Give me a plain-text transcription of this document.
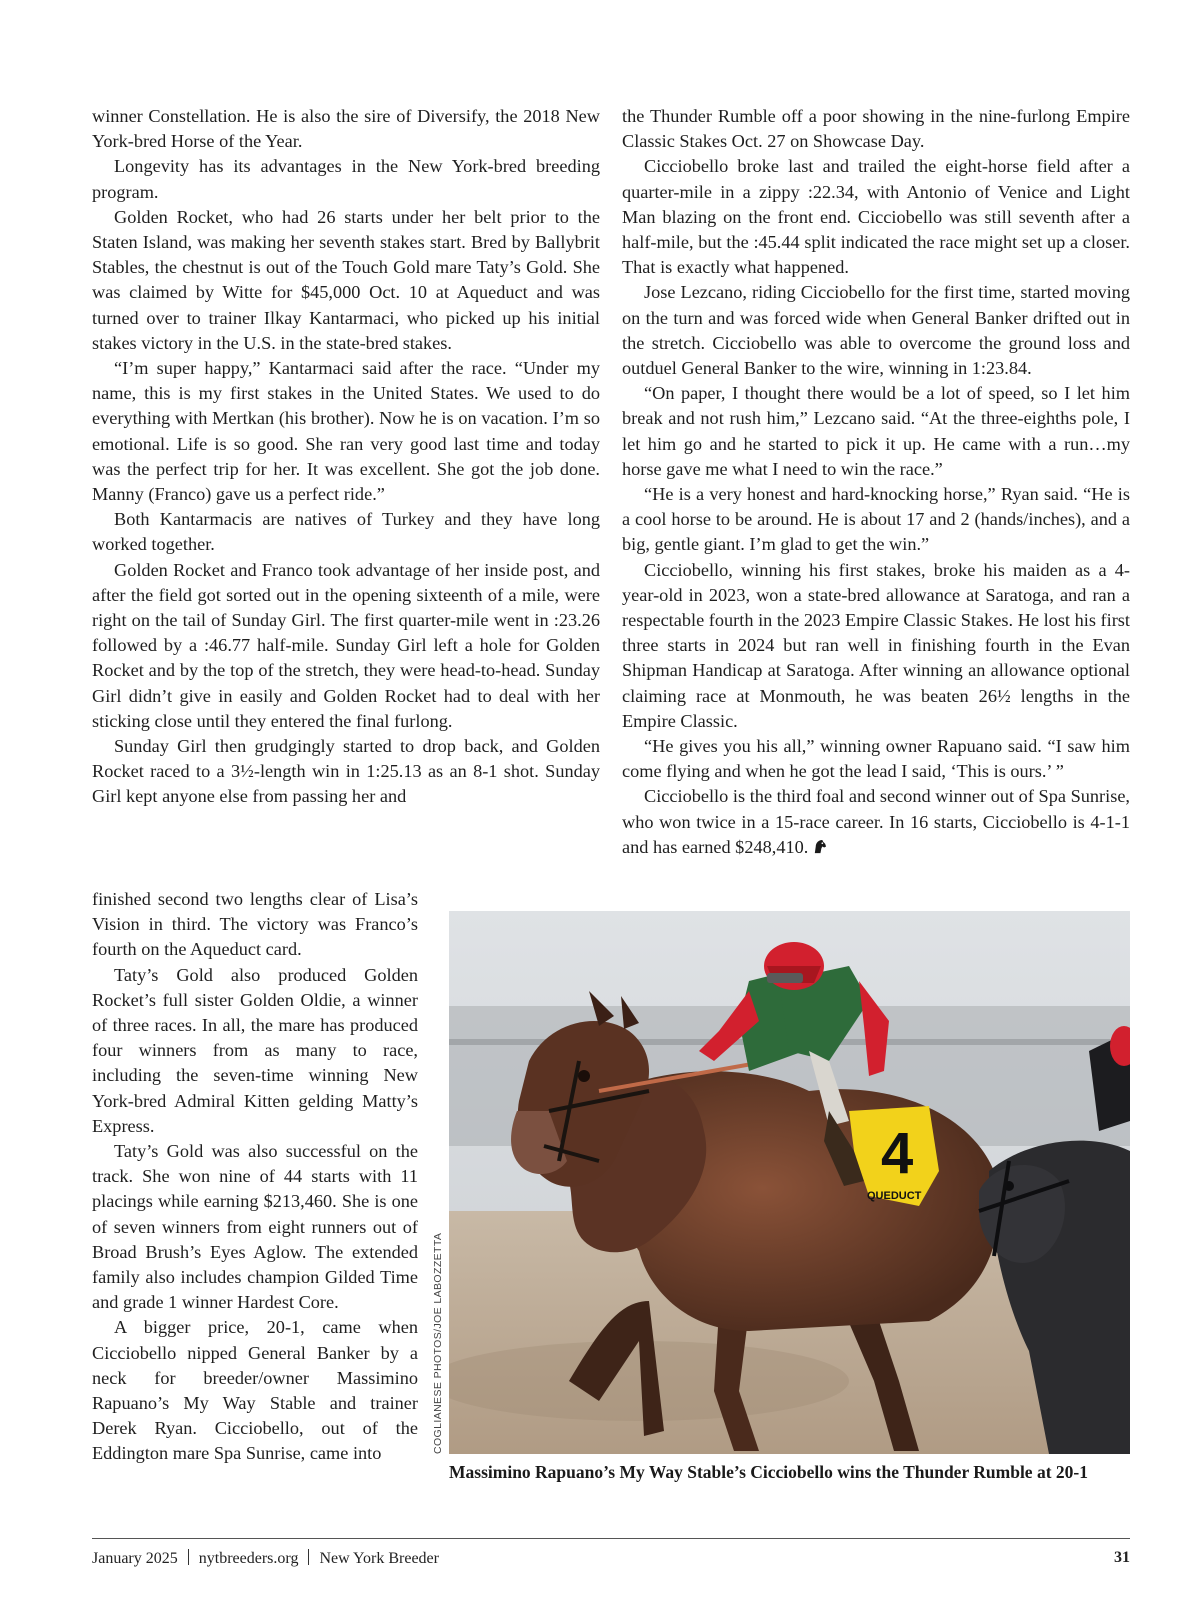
winner Constellation. He is also the sire of Diversify, the 2018 New York-bred Horse of the Year.

Longevity has its advantages in the New York-bred breeding program.

Golden Rocket, who had 26 starts under her belt prior to the Staten Island, was making her seventh stakes start. Bred by Ballybrit Stables, the chestnut is out of the Touch Gold mare Taty’s Gold. She was claimed by Witte for $45,000 Oct. 10 at Aqueduct and was turned over to trainer Ilkay Kantarmaci, who picked up his initial stakes victory in the U.S. in the state-bred stakes.

“I’m super happy,” Kantarmaci said after the race. “Under my name, this is my first stakes in the United States. We used to do everything with Mertkan (his brother). Now he is on vacation. I’m so emotional. Life is so good. She ran very good last time and today was the perfect trip for her. It was excellent. She got the job done. Manny (Franco) gave us a perfect ride.”

Both Kantarmacis are natives of Turkey and they have long worked together.

Golden Rocket and Franco took advantage of her inside post, and after the field got sorted out in the opening sixteenth of a mile, were right on the tail of Sunday Girl. The first quarter-mile went in :23.26 followed by a :46.77 half-mile. Sunday Girl left a hole for Golden Rocket and by the top of the stretch, they were head-to-head. Sunday Girl didn’t give in easily and Golden Rocket had to deal with her sticking close until they entered the final furlong.

Sunday Girl then grudgingly started to drop back, and Golden Rocket raced to a 3½-length win in 1:25.13 as an 8-1 shot. Sunday Girl kept anyone else from passing her and

finished second two lengths clear of Lisa’s Vision in third. The victory was Franco’s fourth on the Aqueduct card.

Taty’s Gold also produced Golden Rocket’s full sister Golden Oldie, a winner of three races. In all, the mare has produced four winners from as many to race, including the seven-time winning New York-bred Admiral Kitten gelding Matty’s Express.

Taty’s Gold was also successful on the track. She won nine of 44 starts with 11 placings while earning $213,460. She is one of seven winners from eight runners out of Broad Brush’s Eyes Aglow. The extended family also includes champion Gilded Time and grade 1 winner Hardest Core.

A bigger price, 20-1, came when Cicciobello nipped General Banker by a neck for breeder/owner Massimino Rapuano’s My Way Stable and trainer Derek Ryan. Cicciobello, out of the Eddington mare Spa Sunrise, came into

the Thunder Rumble off a poor showing in the nine-furlong Empire Classic Stakes Oct. 27 on Showcase Day.

Cicciobello broke last and trailed the eight-horse field after a quarter-mile in a zippy :22.34, with Antonio of Venice and Light Man blazing on the front end. Cicciobello was still seventh after a half-mile, but the :45.44 split indicated the race might set up a closer. That is exactly what happened.

Jose Lezcano, riding Cicciobello for the first time, started moving on the turn and was forced wide when General Banker drifted out in the stretch. Cicciobello was able to overcome the ground loss and outduel General Banker to the wire, winning in 1:23.84.

“On paper, I thought there would be a lot of speed, so I let him break and not rush him,” Lezcano said. “At the three-eighths pole, I let him go and he started to pick it up. He came with a run…my horse gave me what I need to win the race.”

“He is a very honest and hard-knocking horse,” Ryan said. “He is a cool horse to be around. He is about 17 and 2 (hands/inches), and a big, gentle giant. I’m glad to get the win.”

Cicciobello, winning his first stakes, broke his maiden as a 4-year-old in 2023, won a state-bred allowance at Saratoga, and ran a respectable fourth in the 2023 Empire Classic Stakes. He lost his first three starts in 2024 but ran well in finishing fourth in the Evan Shipman Handicap at Saratoga. After winning an allowance optional claiming race at Monmouth, he was beaten 26½ lengths in the Empire Classic.

“He gives you his all,” winning owner Rapuano said. “I saw him come flying and when he got the lead I said, ‘This is ours.’ ”

Cicciobello is the third foal and second winner out of Spa Sunrise, who won twice in a 15-race career. In 16 starts, Cicciobello is 4-1-1 and has earned $248,410.

4
QUEDUCT
COGLIANESE PHOTOS/JOE LABOZZETTA
Massimino Rapuano’s My Way Stable’s Cicciobello wins the Thunder Rumble at 20-1
January 2025 nytbreeders.org New York Breeder	31
